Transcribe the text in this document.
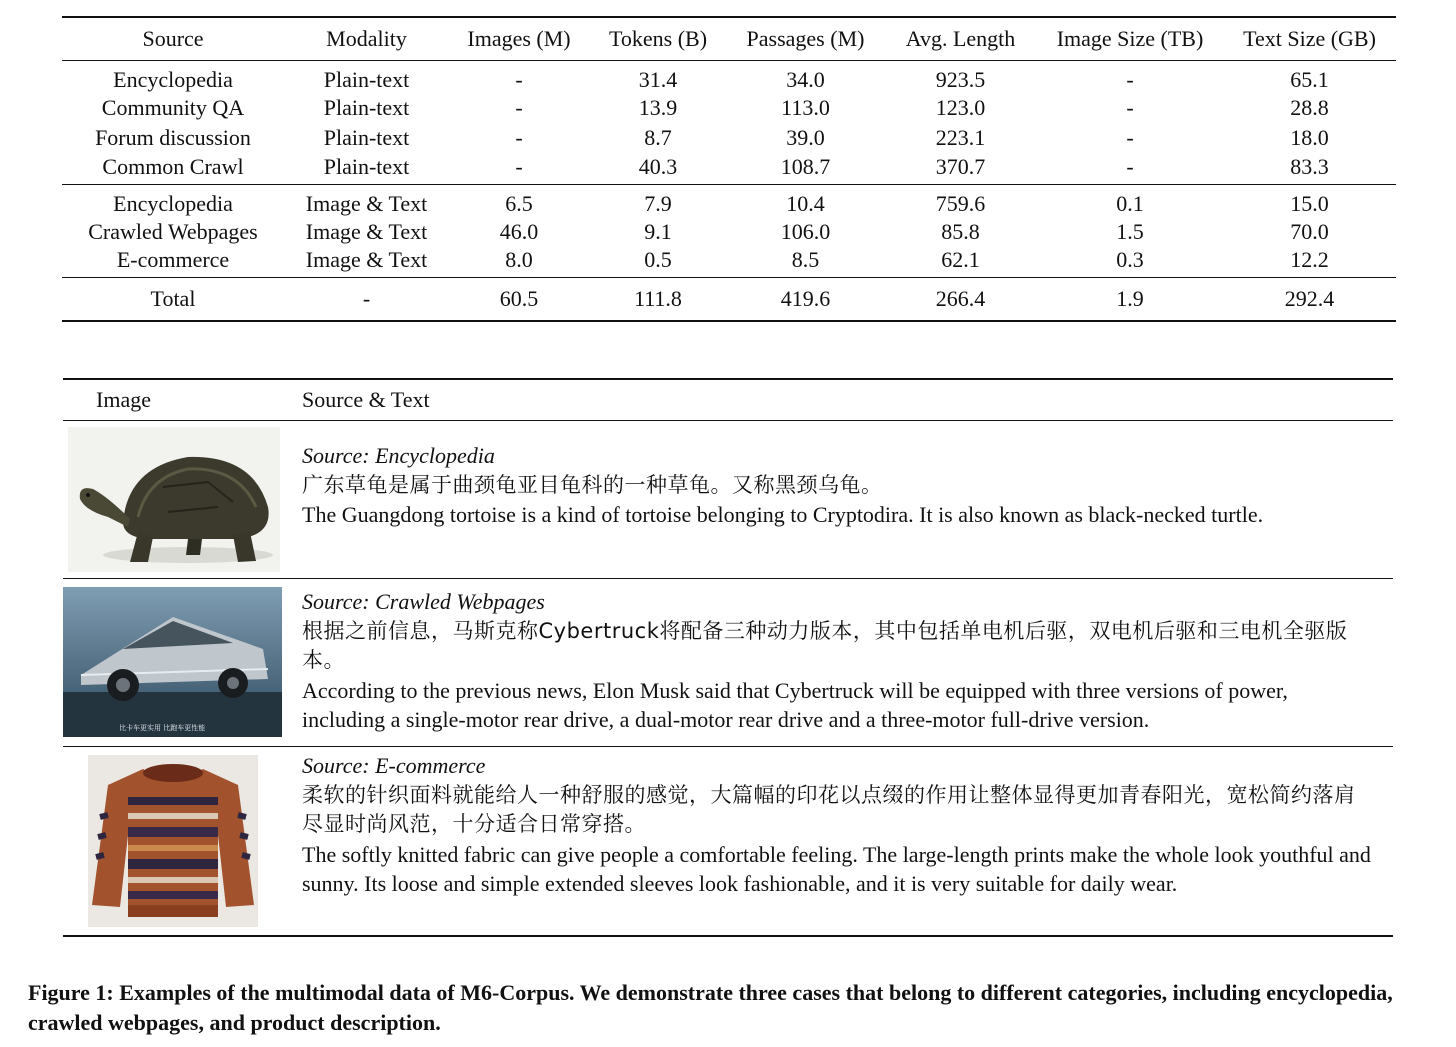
Source	Modality	Images (M)	Tokens (B)	Passages (M)	Avg. Length	Image Size (TB)	Text Size (GB)
Encyclopedia	Plain-text	-	31.4	34.0	923.5	-	65.1
Community QA	Plain-text	-	13.9	113.0	123.0	-	28.8
Forum discussion	Plain-text	-	8.7	39.0	223.1	-	18.0
Common Crawl	Plain-text	-	40.3	108.7	370.7	-	83.3
Encyclopedia	Image & Text	6.5	7.9	10.4	759.6	0.1	15.0
Crawled Webpages	Image & Text	46.0	9.1	106.0	85.8	1.5	70.0
E-commerce	Image & Text	8.0	0.5	8.5	62.1	0.3	12.2
Total	-	60.5	111.8	419.6	266.4	1.9	292.4
Image	Source & Text
Source: Encyclopedia
广东草龟是属于曲颈龟亚目龟科的一种草龟。又称黑颈乌龟。
The Guangdong tortoise is a kind of tortoise belonging to Cryptodira. It is also known as black-necked turtle.
比卡车更实用 比跑车更性能
Source: Crawled Webpages
根据之前信息，马斯克称Cybertruck将配备三种动力版本，其中包括单电机后驱，双电机后驱和三电机全驱版本。
According to the previous news, Elon Musk said that Cybertruck will be equipped with three versions of power, including a single-motor rear drive, a dual-motor rear drive and a three-motor full-drive version.
Source: E-commerce
柔软的针织面料就能给人一种舒服的感觉，大篇幅的印花以点缀的作用让整体显得更加青春阳光，宽松简约落肩尽显时尚风范，十分适合日常穿搭。
The softly knitted fabric can give people a comfortable feeling. The large-length prints make the whole look youthful and sunny. Its loose and simple extended sleeves look fashionable, and it is very suitable for daily wear.
Figure 1: Examples of the multimodal data of M6-Corpus. We demonstrate three cases that belong to different categories, including encyclopedia, crawled webpages, and product description.
